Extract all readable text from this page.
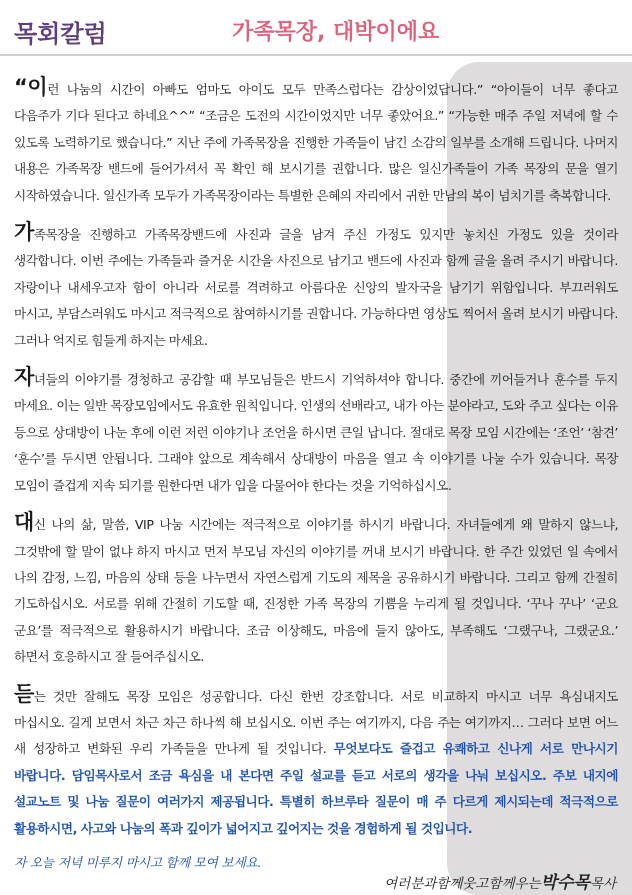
목회칼럼	가족목장, 대박이에요

“이런 나눔의 시간이 아빠도 엄마도 아이도 모두 만족스럽다는 감상이었답니다.” “아이들이 너무 좋다고 다음주가 기다 된다고 하네요^^” “조금은 도전의 시간이었지만 너무 좋았어요.” “가능한 매주 주일 저녁에 할 수 있도록 노력하기로 했습니다.” 지난 주에 가족목장을 진행한 가족들이 남긴 소감의 일부를 소개해 드립니다. 나머지 내용은 가족목장 밴드에 들어가셔서 꼭 확인 해 보시기를 권합니다. 많은 일신가족들이 가족 목장의 문을 열기 시작하였습니다. 일신가족 모두가 가족목장이라는 특별한 은혜의 자리에서 귀한 만남의 복이 넘치기를 축복합니다.

가족목장을 진행하고 가족목장밴드에 사진과 글을 남겨 주신 가정도 있지만 놓치신 가정도 있을 것이라 생각합니다. 이번 주에는 가족들과 즐거운 시간을 사진으로 남기고 밴드에 사진과 함께 글을 올려 주시기 바랍니다. 자랑이나 내세우고자 함이 아니라 서로를 격려하고 아름다운 신앙의 발자국을 남기기 위함입니다. 부끄러워도 마시고, 부담스러워도 마시고 적극적으로 참여하시기를 권합니다. 가능하다면 영상도 찍어서 올려 보시기 바랍니다. 그러나 억지로 힘들게 하지는 마세요.

자녀들의 이야기를 경청하고 공감할 때 부모님들은 반드시 기억하셔야 합니다. 중간에 끼어들거나 훈수를 두지 마세요. 이는 일반 목장모임에서도 유효한 원칙입니다. 인생의 선배라고, 내가 아는 분야라고, 도와 주고 싶다는 이유 등으로 상대방이 나눈 후에 이런 저런 이야기나 조언을 하시면 큰일 납니다. 절대로 목장 모임 시간에는 ‘조언’ ‘참견’ ‘훈수’를 두시면 안됩니다. 그래야 앞으로 계속해서 상대방이 마음을 열고 속 이야기를 나눌 수가 있습니다. 목장 모임이 즐겁게 지속 되기를 원한다면 내가 입을 다물어야 한다는 것을 기억하십시오.

대신 나의 삶, 말씀, VIP 나눔 시간에는 적극적으로 이야기를 하시기 바랍니다. 자녀들에게 왜 말하지 않느냐, 그것밖에 할 말이 없냐 하지 마시고 먼저 부모님 자신의 이야기를 꺼내 보시기 바랍니다. 한 주간 있었던 일 속에서 나의 감정, 느낌, 마음의 상태 등을 나누면서 자연스럽게 기도의 제목을 공유하시기 바랍니다. 그리고 함께 간절히 기도하십시오. 서로를 위해 간절히 기도할 때, 진정한 가족 목장의 기쁨을 누리게 될 것입니다. ‘꾸나 꾸나’ ‘군요 군요’를 적극적으로 활용하시기 바랍니다. 조금 이상해도, 마음에 들지 않아도, 부족해도 ‘그랬구나, 그랬군요.’ 하면서 호응하시고 잘 들어주십시오.

듣는 것만 잘해도 목장 모임은 성공합니다. 다신 한번 강조합니다. 서로 비교하지 마시고 너무 욕심내지도 마십시오. 길게 보면서 차근 차근 하나씩 해 보십시오. 이번 주는 여기까지, 다음 주는 여기까지… 그러다 보면 어느 새 성장하고 변화된 우리 가족들을 만나게 될 것입니다. 무엇보다도 즐겁고 유쾌하고 신나게 서로 만나시기 바랍니다. 담임목사로서 조금 욕심을 내 본다면 주일 설교를 듣고 서로의 생각을 나눠 보십시오. 주보 내지에 설교노트 및 나눔 질문이 여러가지 제공됩니다. 특별히 하브루타 질문이 매 주 다르게 제시되는데 적극적으로 활용하시면, 사고와 나눔의 폭과 깊이가 넓어지고 깊어지는 것을 경험하게 될 것입니다.

자 오늘 저녁 미루지 마시고 함께 모여 보세요.
여러분과함께웃고함께우는박수목목사
